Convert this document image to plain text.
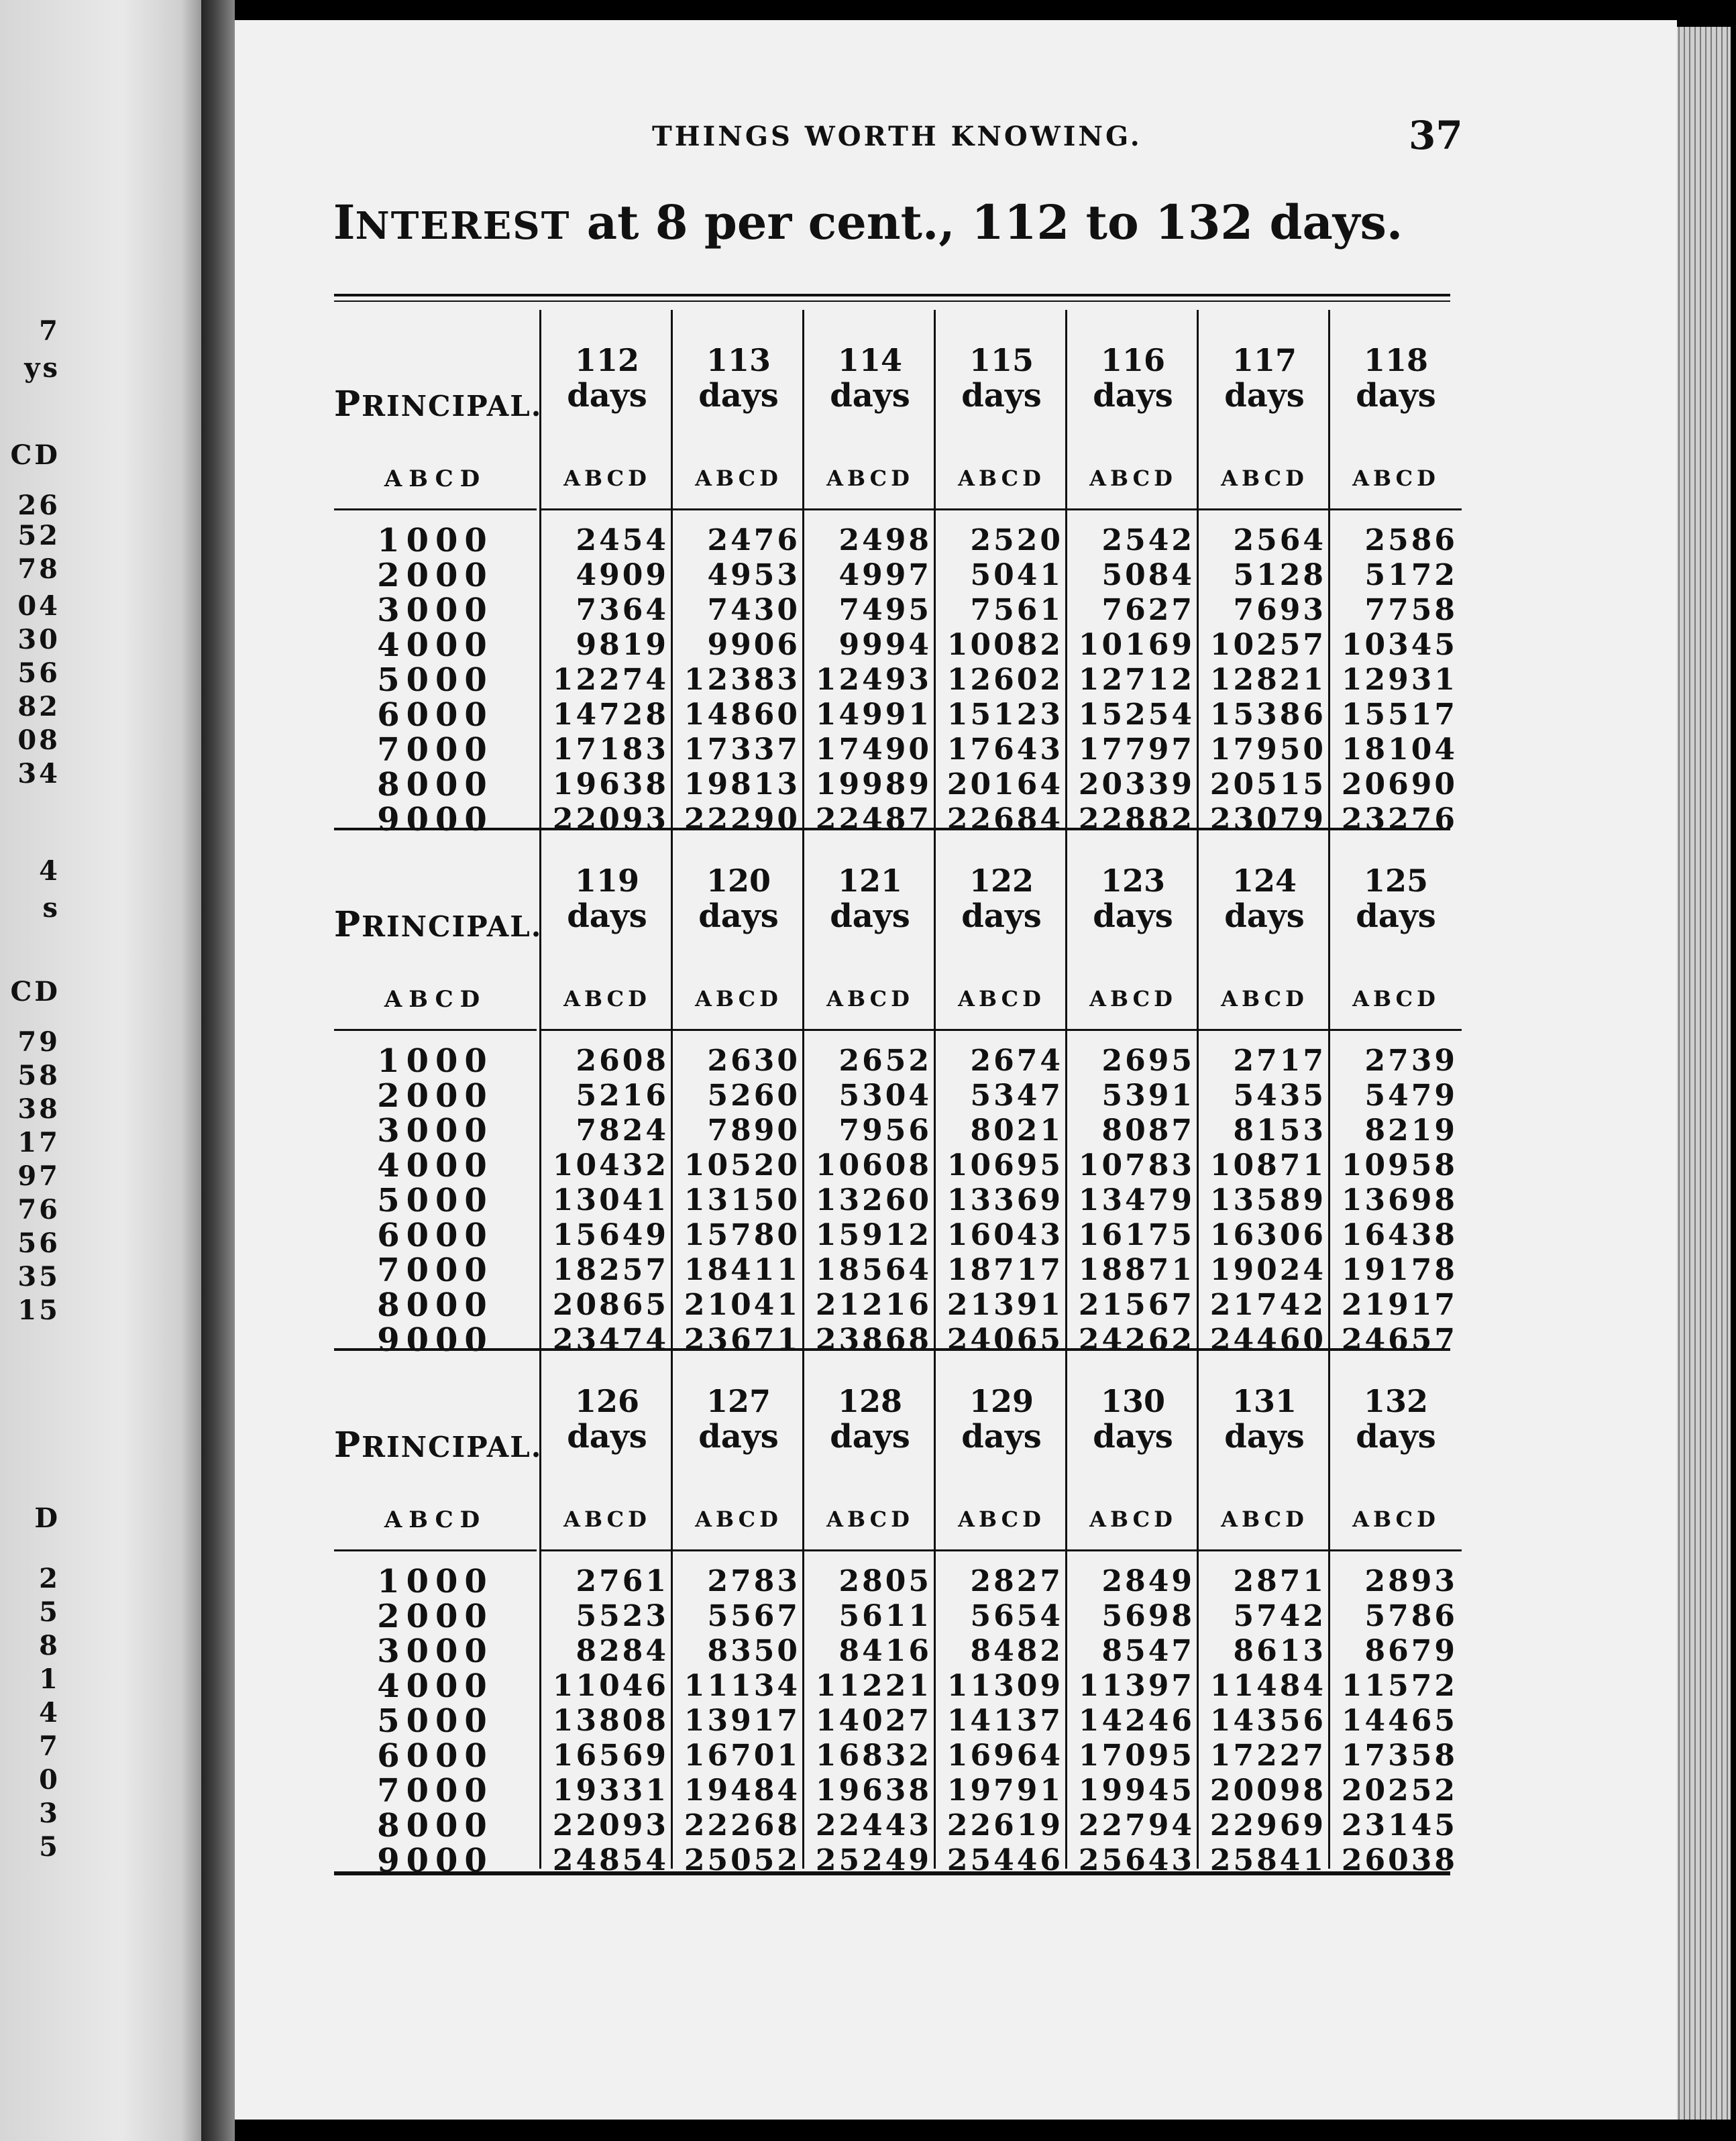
7
ys
CD
26
52
78
04
30
56
82
08
34
4
s
CD
79
58
38
17
97
76
56
35
15
D
2
5
8
1
4
7
0
3
5
THINGS WORTH KNOWING.	37
INTEREST at 8 per cent., 112 to 132 days.
PRINCIPAL.
ABCD
1000
2000
3000
4000
5000
6000
7000
8000
9000
112
days
ABCD
2454
4909
7364
9819
12274
14728
17183
19638
22093
113
days
ABCD
2476
4953
7430
9906
12383
14860
17337
19813
22290
114
days
ABCD
2498
4997
7495
9994
12493
14991
17490
19989
22487
115
days
ABCD
2520
5041
7561
10082
12602
15123
17643
20164
22684
116
days
ABCD
2542
5084
7627
10169
12712
15254
17797
20339
22882
117
days
ABCD
2564
5128
7693
10257
12821
15386
17950
20515
23079
118
days
ABCD
2586
5172
7758
10345
12931
15517
18104
20690
23276
PRINCIPAL.
ABCD
1000
2000
3000
4000
5000
6000
7000
8000
9000
119
days
ABCD
2608
5216
7824
10432
13041
15649
18257
20865
23474
120
days
ABCD
2630
5260
7890
10520
13150
15780
18411
21041
23671
121
days
ABCD
2652
5304
7956
10608
13260
15912
18564
21216
23868
122
days
ABCD
2674
5347
8021
10695
13369
16043
18717
21391
24065
123
days
ABCD
2695
5391
8087
10783
13479
16175
18871
21567
24262
124
days
ABCD
2717
5435
8153
10871
13589
16306
19024
21742
24460
125
days
ABCD
2739
5479
8219
10958
13698
16438
19178
21917
24657
PRINCIPAL.
ABCD
1000
2000
3000
4000
5000
6000
7000
8000
9000
126
days
ABCD
2761
5523
8284
11046
13808
16569
19331
22093
24854
127
days
ABCD
2783
5567
8350
11134
13917
16701
19484
22268
25052
128
days
ABCD
2805
5611
8416
11221
14027
16832
19638
22443
25249
129
days
ABCD
2827
5654
8482
11309
14137
16964
19791
22619
25446
130
days
ABCD
2849
5698
8547
11397
14246
17095
19945
22794
25643
131
days
ABCD
2871
5742
8613
11484
14356
17227
20098
22969
25841
132
days
ABCD
2893
5786
8679
11572
14465
17358
20252
23145
26038
